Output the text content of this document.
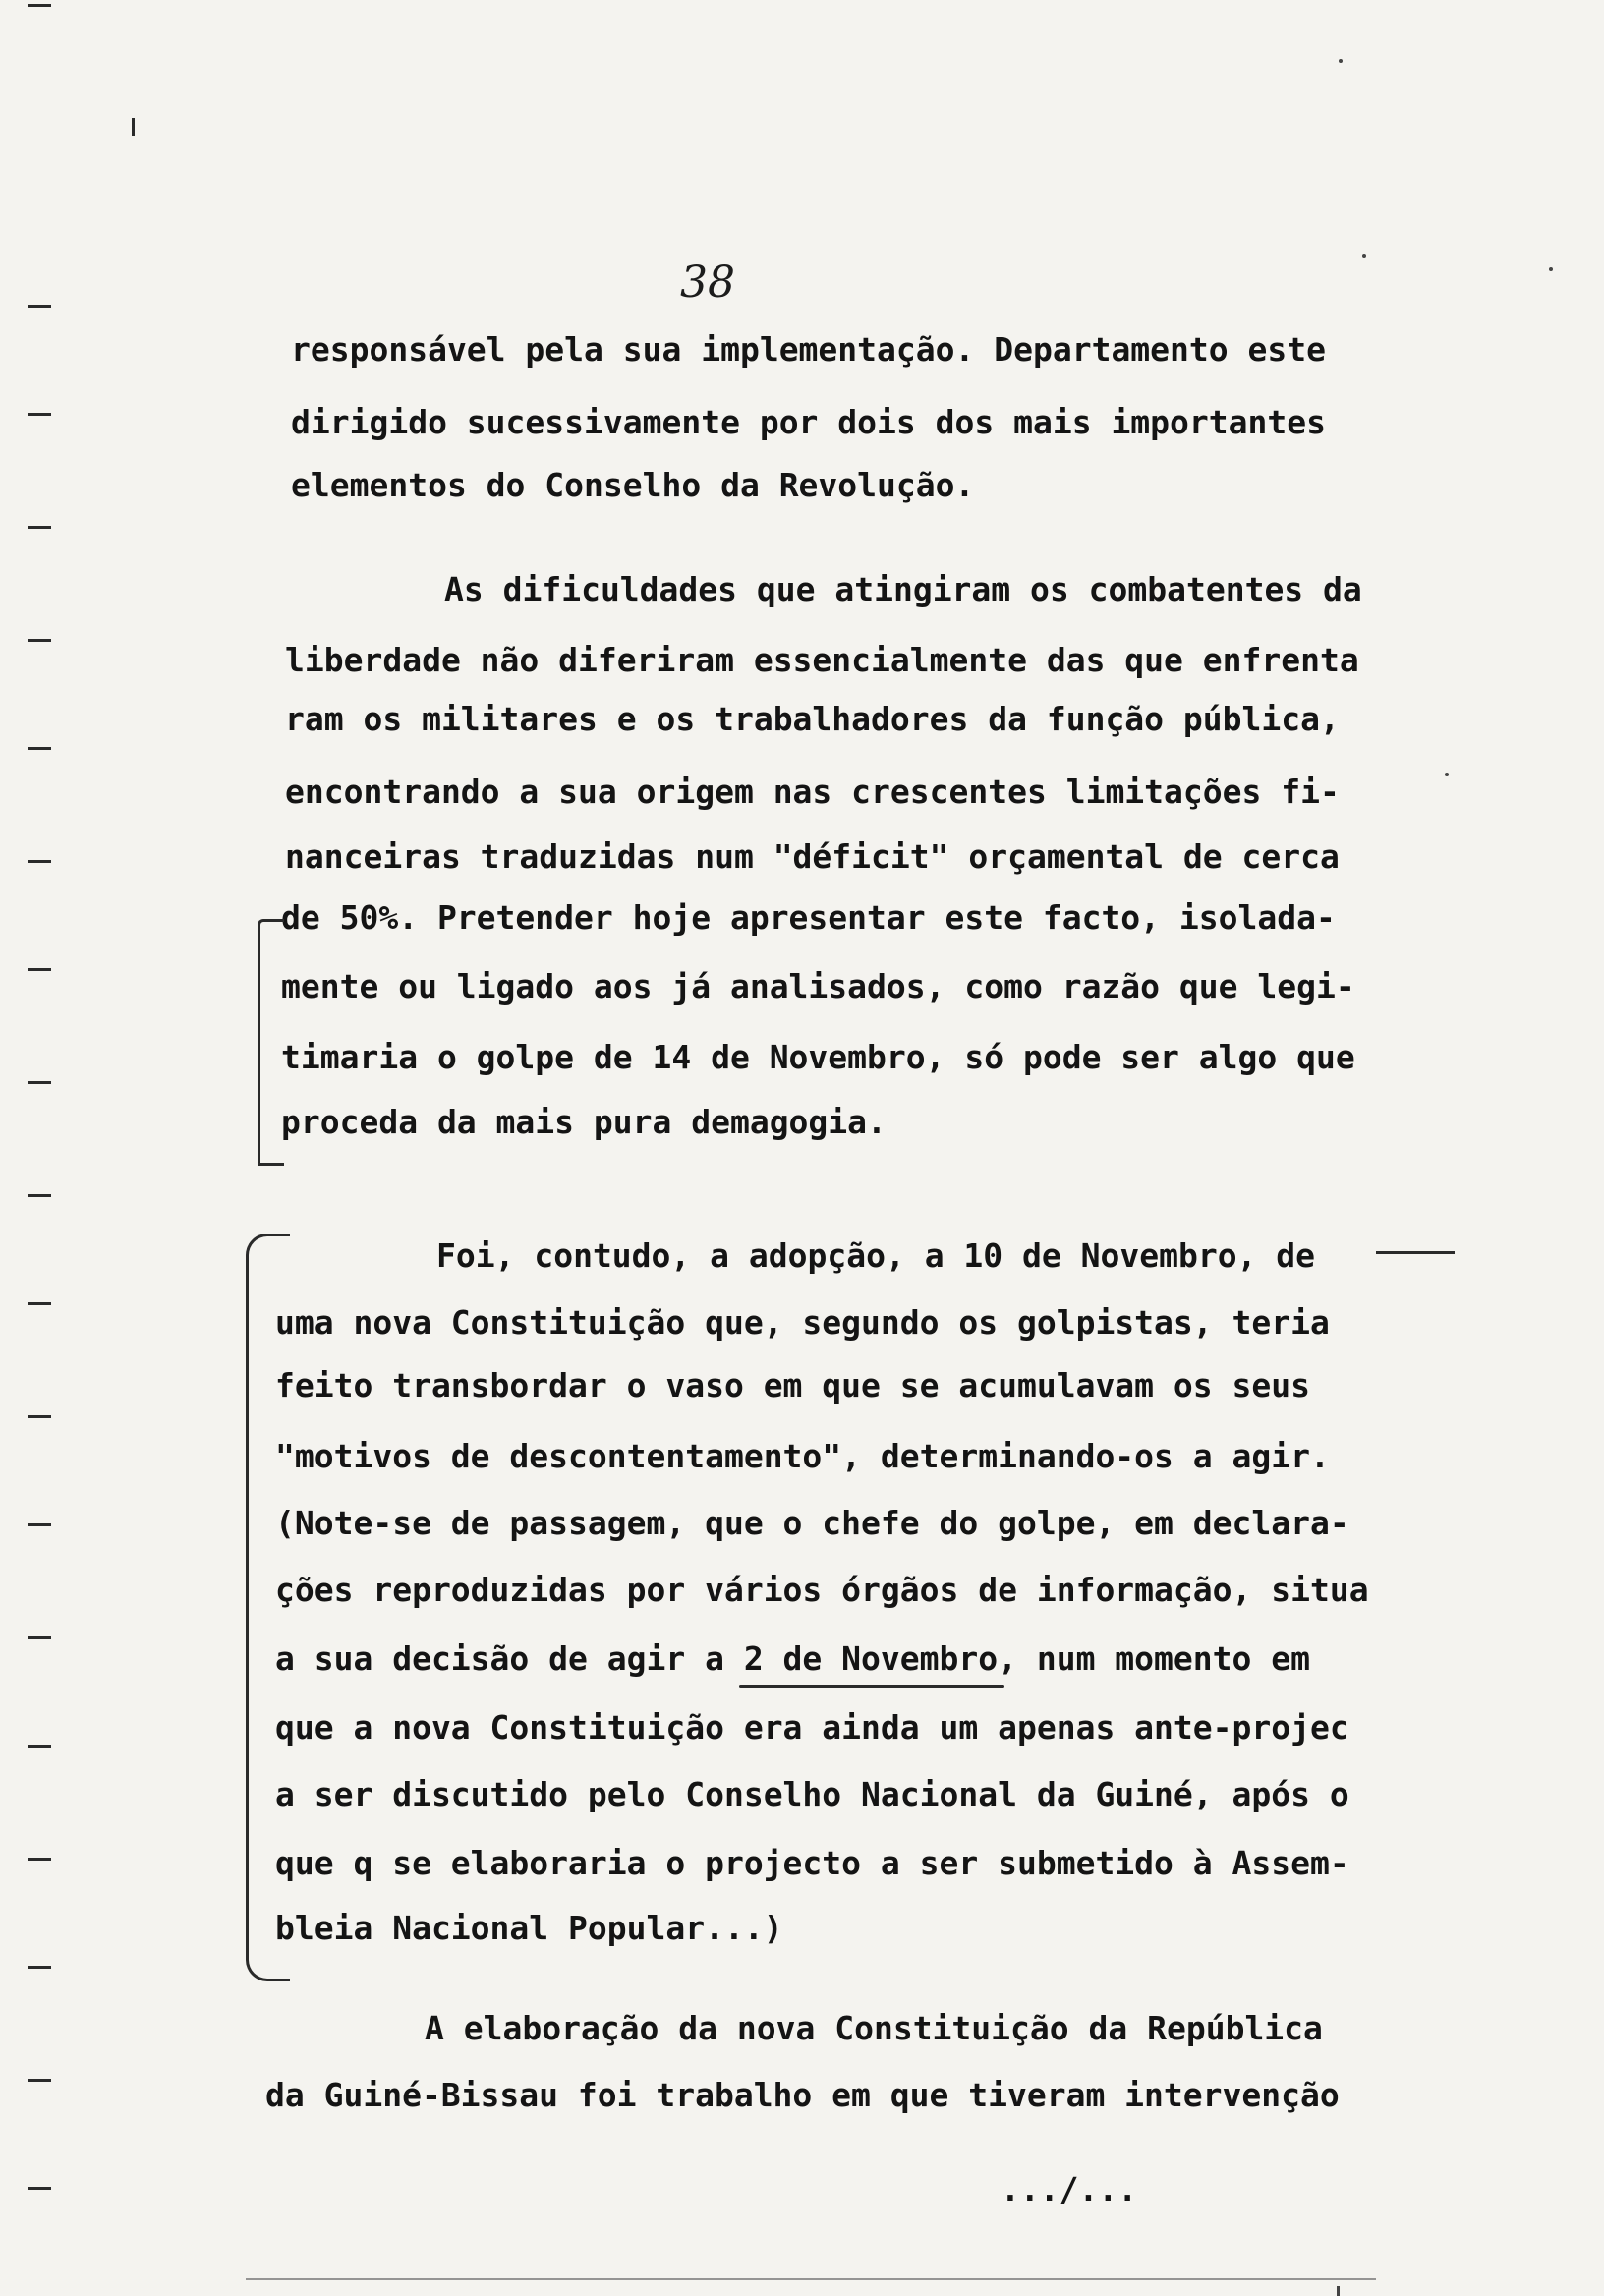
38
responsável pela sua implementação. Departamento este
dirigido sucessivamente por dois dos mais importantes
elementos do Conselho da Revolução.
As dificuldades que atingiram os combatentes da
liberdade não diferiram essencialmente das que enfrenta
ram os militares e os trabalhadores da função pública,
encontrando a sua origem nas crescentes limitações fi-
nanceiras traduzidas num "déficit" orçamental de cerca
de 50%. Pretender hoje apresentar este facto, isolada-
mente ou ligado aos já analisados, como razão que legi-
timaria o golpe de 14 de Novembro, só pode ser algo que
proceda da mais pura demagogia.
Foi, contudo, a adopção, a 10 de Novembro, de
uma nova Constituição que, segundo os golpistas, teria
feito transbordar o vaso em que se acumulavam os seus
"motivos de descontentamento", determinando-os a agir.
(Note-se de passagem, que o chefe do golpe, em declara-
ções reproduzidas por vários órgãos de informação, situa
a sua decisão de agir a 2 de Novembro, num momento em
que a nova Constituição era ainda um apenas ante-projec
a ser discutido pelo Conselho Nacional da Guiné, após o
que q se elaboraria o projecto a ser submetido à Assem-
bleia Nacional Popular...)
A elaboração da nova Constituição da República
da Guiné-Bissau foi trabalho em que tiveram intervenção
.../...
